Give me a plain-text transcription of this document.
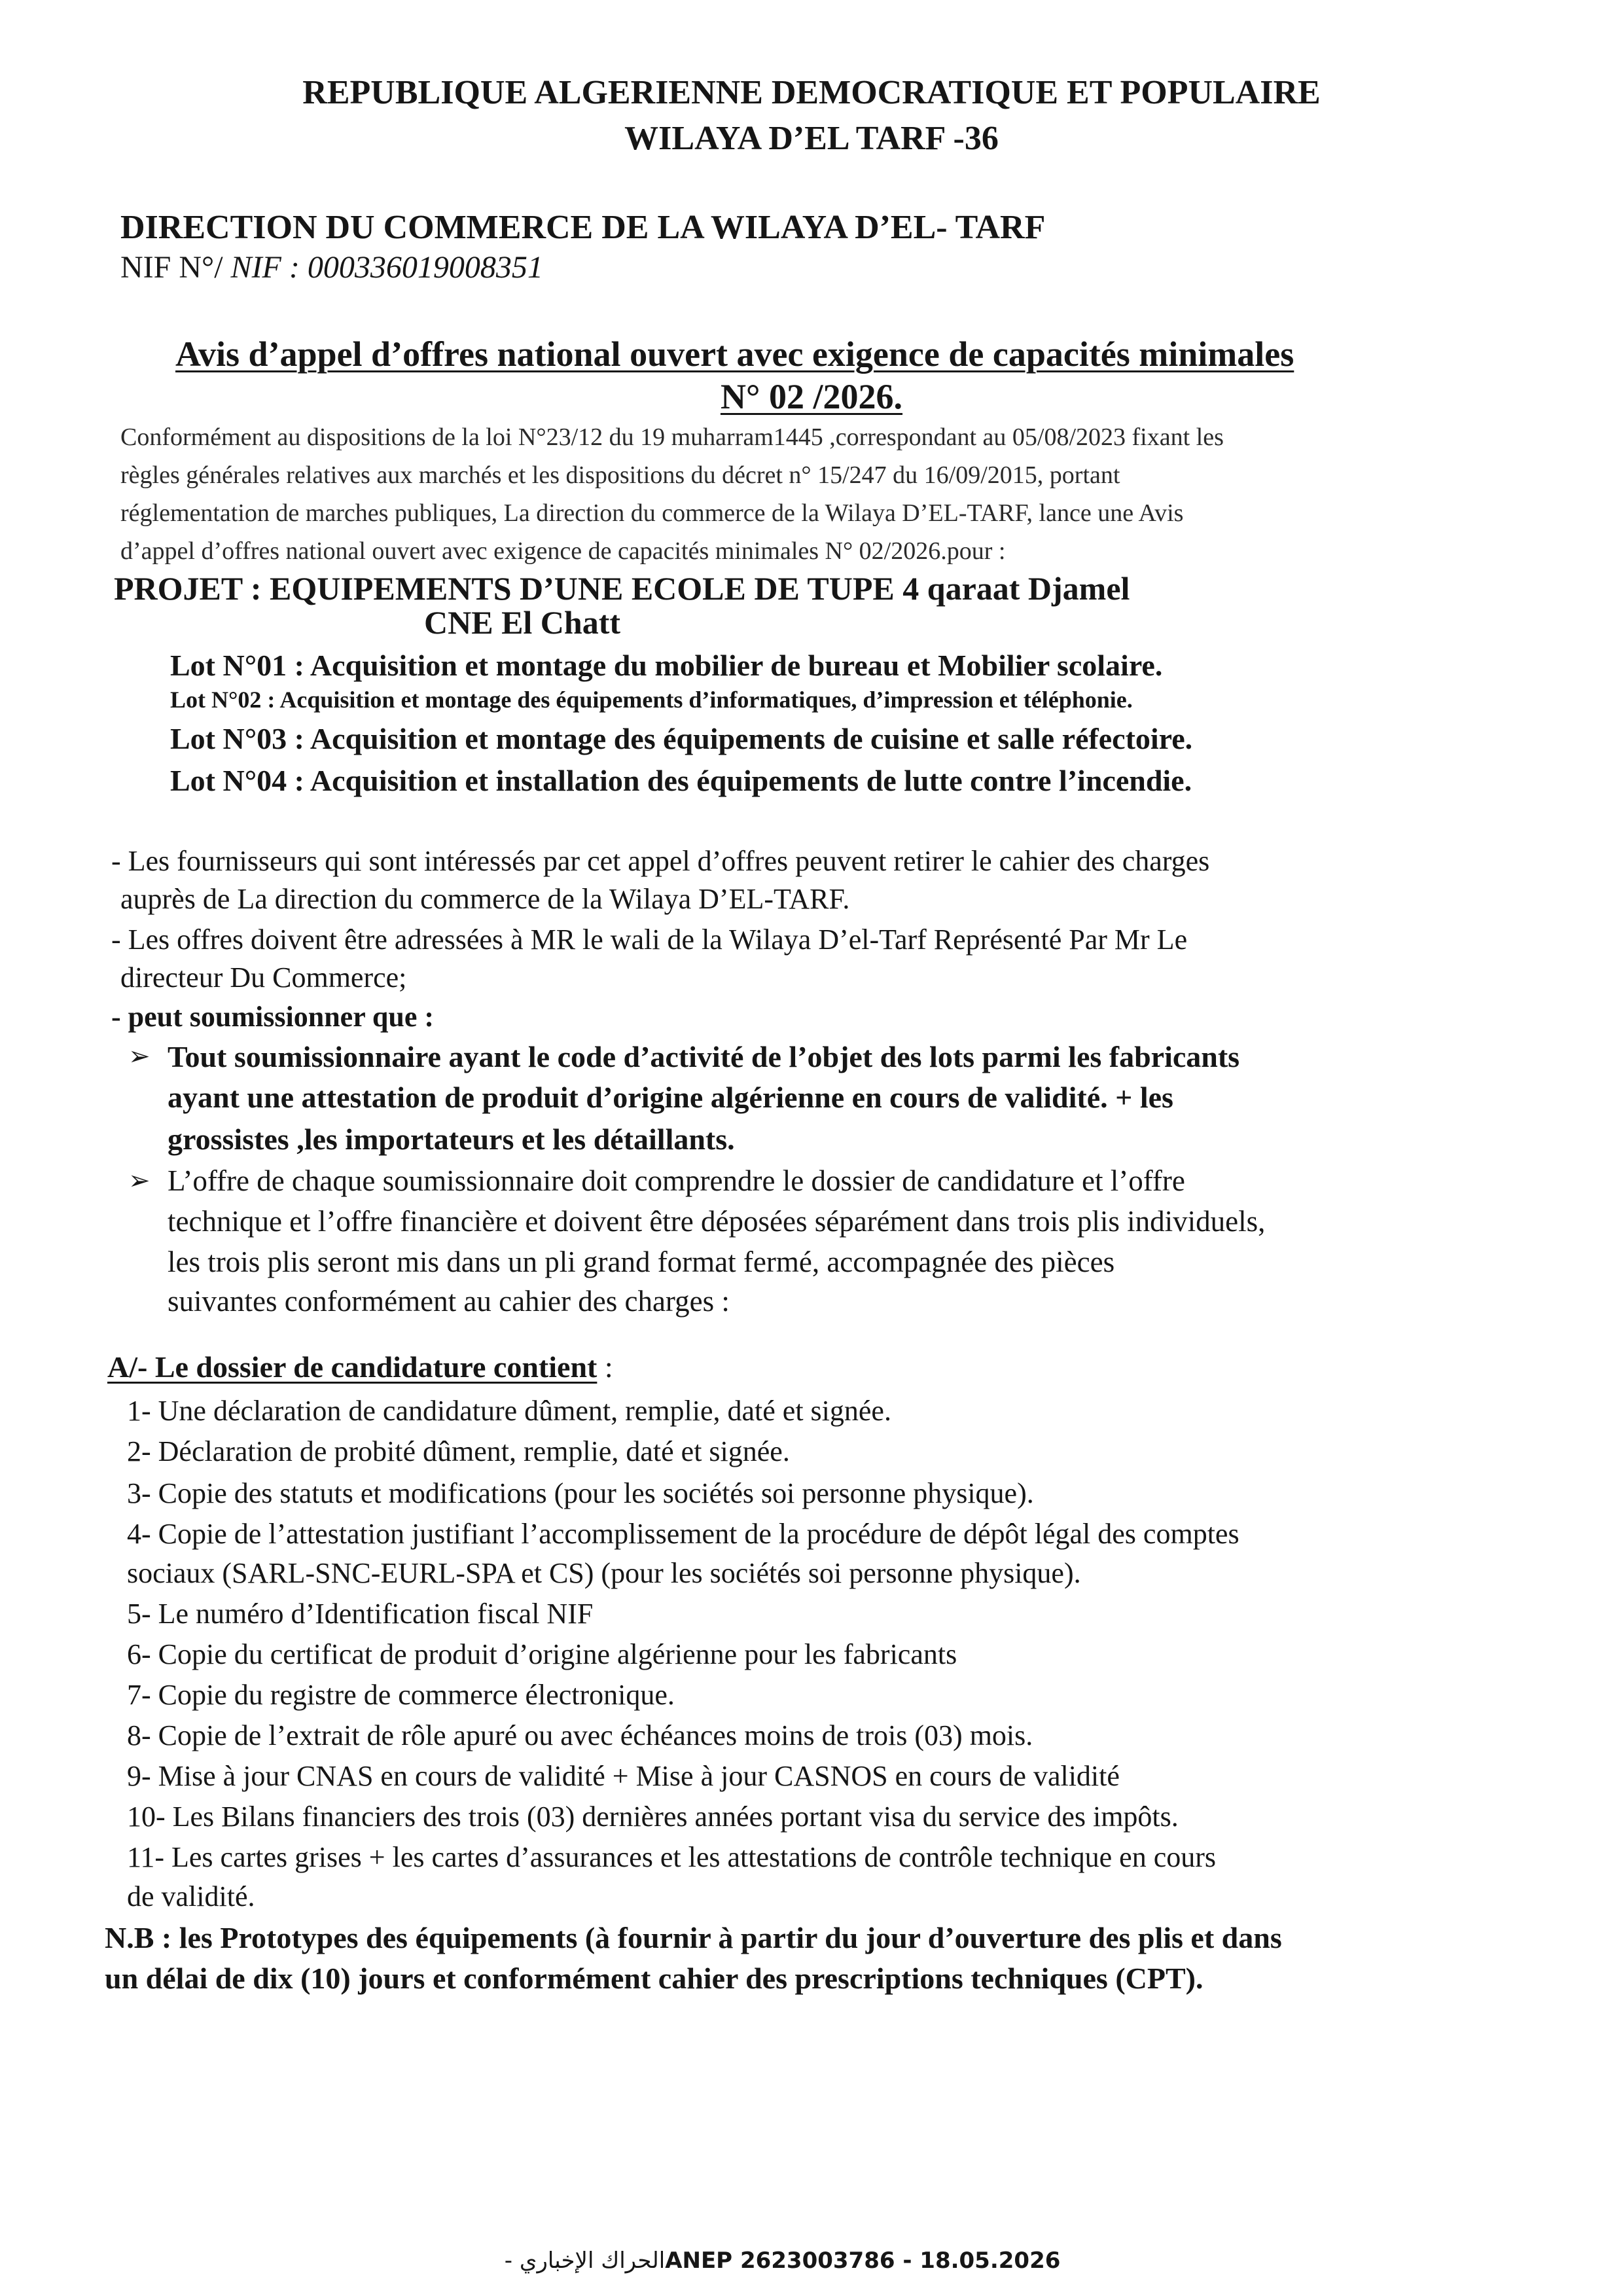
REPUBLIQUE ALGERIENNE DEMOCRATIQUE ET POPULAIRE
WILAYA D’EL TARF -36
DIRECTION DU COMMERCE DE LA WILAYA D’EL- TARF
NIF N°/ NIF : 000336019008351
Avis d’appel d’offres national ouvert avec exigence de capacités minimales
N° 02 /2026.
Conformément au dispositions de la loi N°23/12 du 19 muharram1445 ,correspondant au 05/08/2023 fixant les
règles générales relatives aux marchés et les dispositions du décret n° 15/247 du 16/09/2015, portant
réglementation de marches publiques, La direction du commerce de la Wilaya D’EL-TARF, lance une Avis
d’appel d’offres national ouvert avec exigence de capacités minimales N° 02/2026.pour :
PROJET : EQUIPEMENTS D’UNE ECOLE DE TUPE 4 qaraat Djamel
CNE El Chatt
Lot N°01 : Acquisition et montage du mobilier de bureau et Mobilier scolaire.
Lot N°02 : Acquisition et montage des équipements d’informatiques, d’impression et téléphonie.
Lot N°03 : Acquisition et montage des équipements de cuisine et salle réfectoire.
Lot N°04 : Acquisition et installation des équipements de lutte contre l’incendie.
- Les fournisseurs qui sont intéressés par cet appel d’offres peuvent retirer le cahier des charges
auprès de La direction du commerce de la Wilaya D’EL-TARF.
- Les offres doivent être adressées à MR le wali de la Wilaya D’el-Tarf Représenté Par Mr Le
directeur Du Commerce;
- peut soumissionner que :
➢ Tout soumissionnaire ayant le code d’activité de l’objet des lots parmi les fabricants
ayant une attestation de produit d’origine algérienne en cours de validité. + les
grossistes ,les importateurs et les détaillants.
➢ L’offre de chaque soumissionnaire doit comprendre le dossier de candidature et l’offre
technique et l’offre financière et doivent être déposées séparément dans trois plis individuels,
les trois plis seront mis dans un pli grand format fermé, accompagnée des pièces
suivantes conformément au cahier des charges :
A/- Le dossier de candidature contient :
1- Une déclaration de candidature dûment, remplie, daté et signée.
2- Déclaration de probité dûment, remplie, daté et signée.
3- Copie des statuts et modifications (pour les sociétés soi personne physique).
4- Copie de l’attestation justifiant l’accomplissement de la procédure de dépôt légal des comptes
sociaux (SARL-SNC-EURL-SPA et CS) (pour les sociétés soi personne physique).
5- Le numéro d’Identification fiscal NIF
6- Copie du certificat de produit d’origine algérienne pour les fabricants
7- Copie du registre de commerce électronique.
8- Copie de l’extrait de rôle apuré ou avec échéances moins de trois (03) mois.
9- Mise à jour CNAS en cours de validité + Mise à jour CASNOS en cours de validité
10- Les Bilans financiers des trois (03) dernières années portant visa du service des impôts.
11- Les cartes grises + les cartes d’assurances et les attestations de contrôle technique en cours
de validité.
N.B : les Prototypes des équipements (à fournir à partir du jour d’ouverture des plis et dans
un délai de dix (10) jours et conformément cahier des prescriptions techniques (CPT).
الحراك الإخباري - ANEP 2623003786 - 18.05.2026
